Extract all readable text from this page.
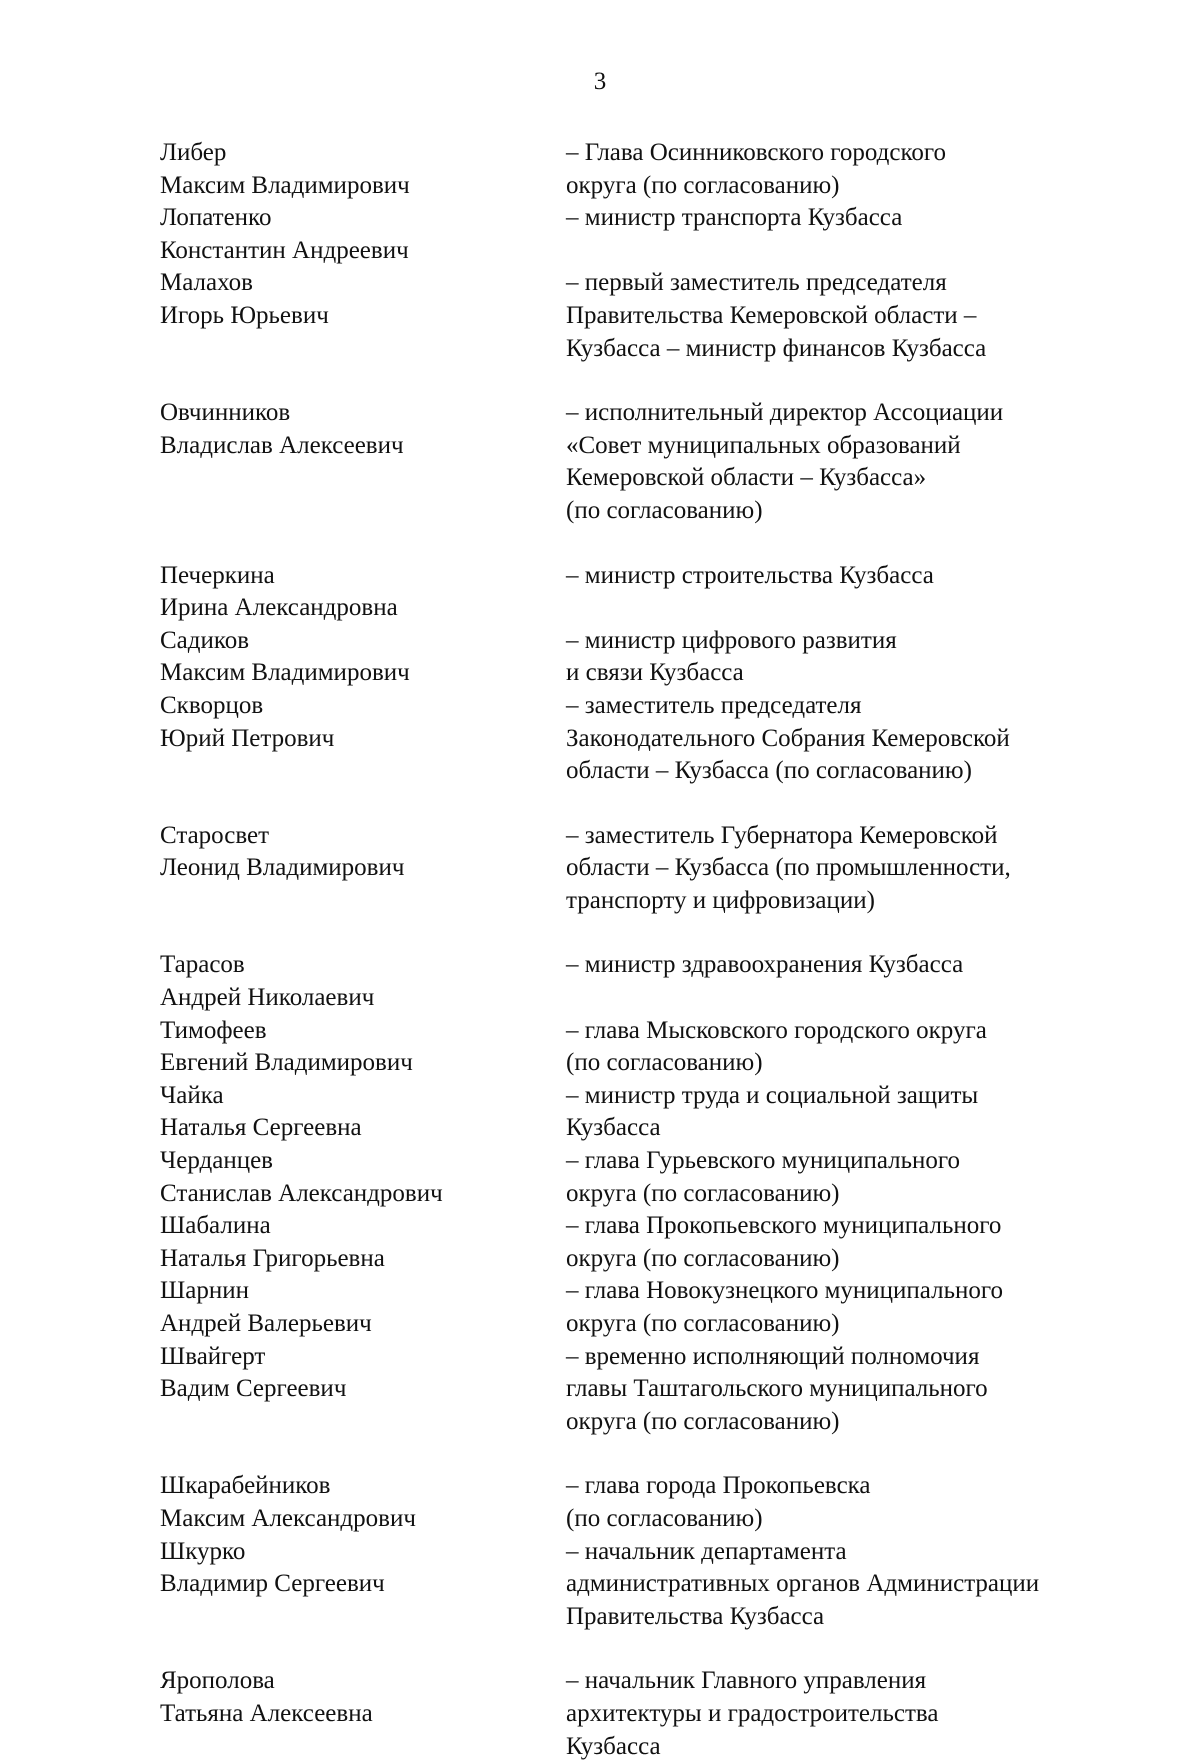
3
Либер
Максим Владимирович
– Глава Осинниковского городского
округа (по согласованию)
Лопатенко
Константин Андреевич
– министр транспорта Кузбасса
Малахов
Игорь Юрьевич
– первый заместитель председателя
Правительства Кемеровской области –
Кузбасса – министр финансов Кузбасса
Овчинников
Владислав Алексеевич
– исполнительный директор Ассоциации
«Совет муниципальных образований
Кемеровской области – Кузбасса»
(по согласованию)
Печеркина
Ирина Александровна
– министр строительства Кузбасса
Садиков
Максим Владимирович
– министр цифрового развития
и связи Кузбасса
Скворцов
Юрий Петрович
– заместитель председателя
Законодательного Собрания Кемеровской
области – Кузбасса (по согласованию)
Старосвет
Леонид Владимирович
– заместитель Губернатора Кемеровской
области – Кузбасса (по промышленности,
транспорту и цифровизации)
Тарасов
Андрей Николаевич
– министр здравоохранения Кузбасса
Тимофеев
Евгений Владимирович
– глава Мысковского городского округа
(по согласованию)
Чайка
Наталья Сергеевна
– министр труда и социальной защиты
Кузбасса
Черданцев
Станислав Александрович
– глава Гурьевского муниципального
округа (по согласованию)
Шабалина
Наталья Григорьевна
– глава Прокопьевского муниципального
округа (по согласованию)
Шарнин
Андрей Валерьевич
– глава Новокузнецкого муниципального
округа (по согласованию)
Швайгерт
Вадим Сергеевич
– временно исполняющий полномочия
главы Таштагольского муниципального
округа (по согласованию)
Шкарабейников
Максим Александрович
– глава города Прокопьевска
(по согласованию)
Шкурко
Владимир Сергеевич
– начальник департамента
административных органов Администрации
Правительства Кузбасса
Ярополова
Татьяна Алексеевна
– начальник Главного управления
архитектуры и градостроительства
Кузбасса
